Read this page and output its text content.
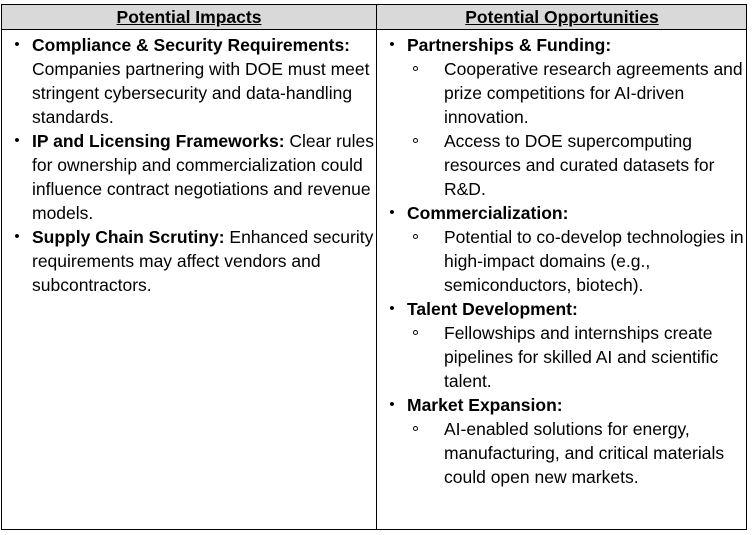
Potential Impacts	Potential Opportunities
• Compliance & Security Requirements: Companies partnering with DOE must meet stringent cybersecurity and data-handling standards.
• IP and Licensing Frameworks: Clear rules for ownership and commercialization could influence contract negotiations and revenue models.
• Supply Chain Scrutiny: Enhanced security requirements may affect vendors and subcontractors.
• Partnerships & Funding:
Cooperative research agreements and prize competitions for AI-driven innovation.
Access to DOE supercomputing resources and curated datasets for R&D.
• Commercialization:
Potential to co-develop technologies in high-impact domains (e.g., semiconductors, biotech).
• Talent Development:
Fellowships and internships create pipelines for skilled AI and scientific talent.
• Market Expansion:
AI-enabled solutions for energy, manufacturing, and critical materials could open new markets.
